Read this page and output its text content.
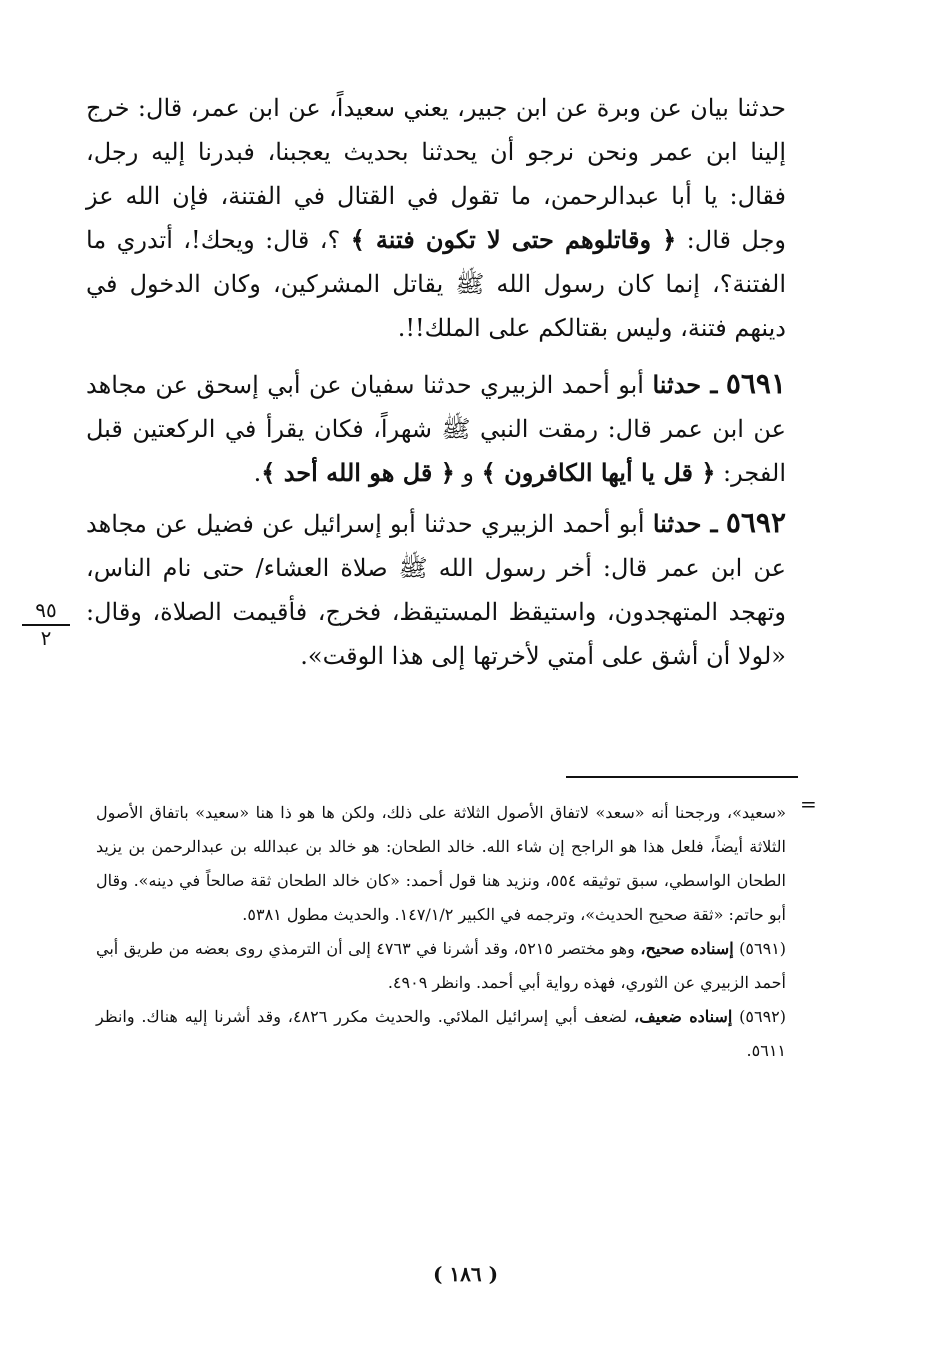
حدثنا بيان عن وبرة عن ابن جبير، يعني سعيداً، عن ابن عمر، قال: خرج إلينا ابن عمر ونحن نرجو أن يحدثنا بحديث يعجبنا، فبدرنا إليه رجل، فقال: يا أبا عبدالرحمن، ما تقول في القتال في الفتنة، فإن الله عز وجل قال: ﴿ وقاتلوهم حتى لا تكون فتنة ﴾ ؟، قال: ويحك!، أتدري ما الفتنة؟، إنما كان رسول الله ﷺ يقاتل المشركين، وكان الدخول في دينهم فتنة، وليس بقتالكم على الملك!!.

٥٦٩١ ـ حدثنا أبو أحمد الزبيري حدثنا سفيان عن أبي إسحق عن مجاهد عن ابن عمر قال: رمقت النبي ﷺ شهراً، فكان يقرأ في الركعتين قبل الفجر: ﴿ قل يا أيها الكافرون ﴾ و ﴿ قل هو الله أحد ﴾.

٥٦٩٢ ـ حدثنا أبو أحمد الزبيري حدثنا أبو إسرائيل عن فضيل عن مجاهد عن ابن عمر قال: أخر رسول الله ﷺ صلاة العشاء/ حتى نام الناس، وتهجد المتهجدون، واستيقظ المستيقظ، فخرج، فأقيمت الصلاة، وقال: «لولا أن أشق على أمتي لأخرتها إلى هذا الوقت».

٩٥
٢
=

«سعيد»، ورجحنا أنه «سعد» لاتفاق الأصول الثلاثة على ذلك، ولكن ها هو ذا هنا «سعيد» باتفاق الأصول الثلاثة أيضاً، فلعل هذا هو الراجح إن شاء الله. خالد الطحان: هو خالد بن عبدالله بن عبدالرحمن بن يزيد الطحان الواسطي، سبق توثيقه ٥٥٤، ونزيد هنا قول أحمد: «كان خالد الطحان ثقة صالحاً في دينه». وقال أبو حاتم: «ثقة صحيح الحديث»، وترجمه في الكبير ١٤٧/١/٢. والحديث مطول ٥٣٨١.

(٥٦٩١) إسناده صحيح، وهو مختصر ٥٢١٥، وقد أشرنا في ٤٧٦٣ إلى أن الترمذي روى بعضه من طريق أبي أحمد الزبيري عن الثوري، فهذه رواية أبي أحمد. وانظر ٤٩٠٩.

(٥٦٩٢) إسناده ضعيف، لضعف أبي إسرائيل الملائي. والحديث مكرر ٤٨٢٦، وقد أشرنا إليه هناك. وانظر ٥٦١١.

( ١٨٦ )
